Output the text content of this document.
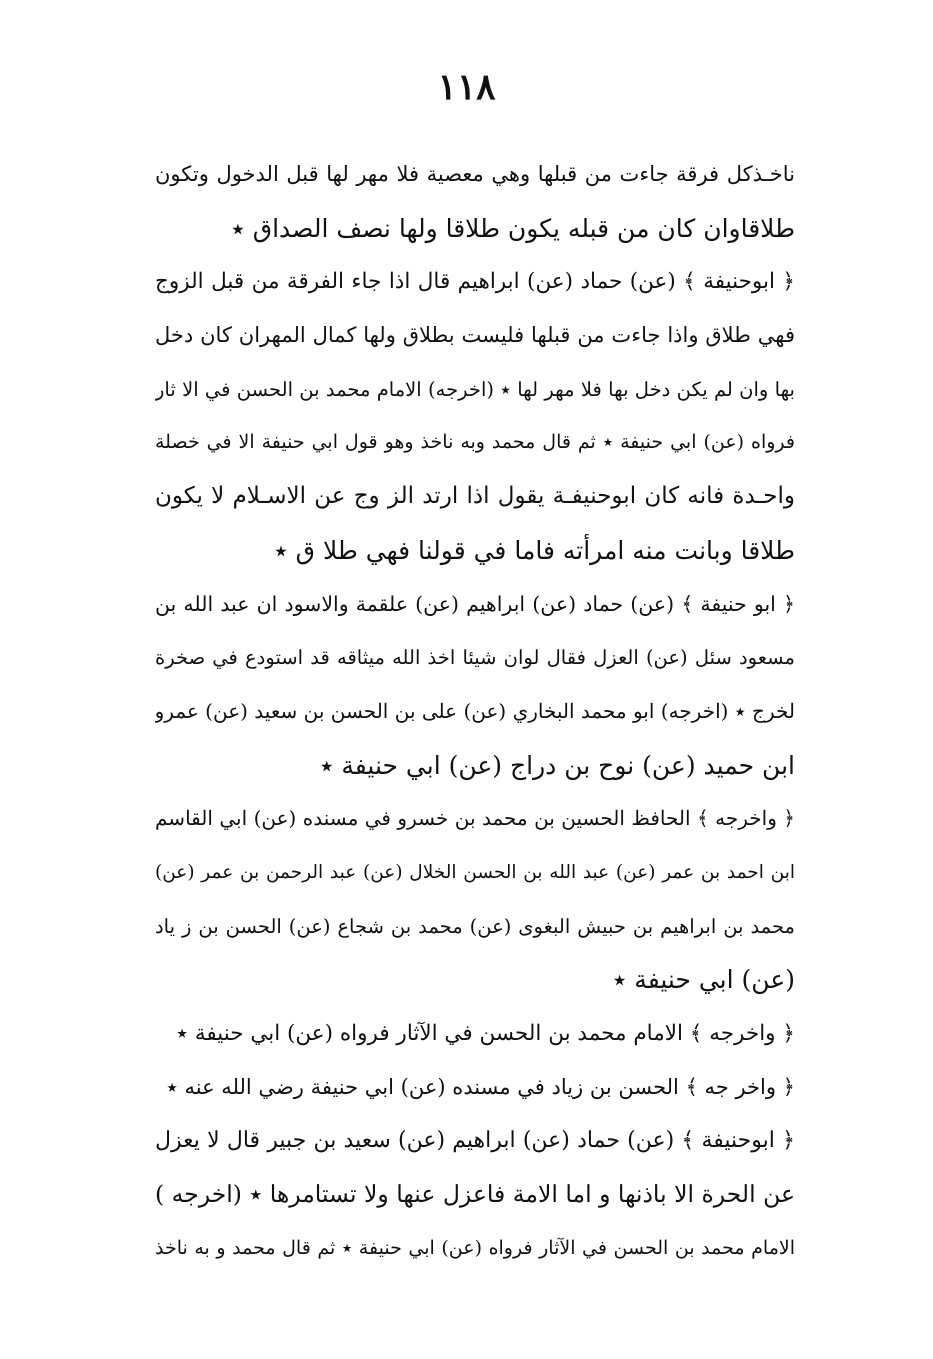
١١٨
ناخـذكل فرقة جاءت من قبلها وهي معصية فلا مهر لها قبل الدخول وتكون
طلاقاوان كان من قبله يكون طلاقا ولها نصف الصداق ٭
﴿ ابوحنيفة ﴾ (عن) حماد (عن) ابراهيم قال اذا جاء الفرقة من قبل الزوج
فهي طلاق واذا جاءت من قبلها فليست بطلاق ولها كمال المهران كان دخل
بها وان لم يكن دخل بها فلا مهر لها ٭ (اخرجه) الامام محمد بن الحسن في الا ثار
فرواه (عن) ابي حنيفة ٭ ثم قال محمد وبه ناخذ وهو قول ابي حنيفة الا في خصلة
واحـدة فانه كان ابوحنيفـة يقول اذا ارتد الز وج عن الاسـلام لا يكون
طلاقا وبانت منه امرأته فاما في قولنا فهي طلا ق ٭
﴿ ابو حنيفة ﴾ (عن) حماد (عن) ابراهيم (عن) علقمة والاسود ان عبد الله بن
مسعود سئل (عن) العزل فقال لوان شيئا اخذ الله ميثاقه قد استودع في صخرة
لخرج ٭ (اخرجه) ابو محمد البخاري (عن) على بن الحسن بن سعيد (عن) عمرو
ابن حميد (عن) نوح بن دراج (عن) ابي حنيفة ٭
﴿ واخرجه ﴾ الحافظ الحسين بن محمد بن خسرو في مسنده (عن) ابي القاسم
ابن احمد بن عمر (عن) عبد الله بن الحسن الخلال (عن) عبد الرحمن بن عمر (عن)
محمد بن ابراهيم بن حبيش البغوى (عن) محمد بن شجاع (عن) الحسن بن ز ياد
(عن) ابي حنيفة ٭
﴿ واخرجه ﴾ الامام محمد بن الحسن في الآثار فرواه (عن) ابي حنيفة ٭
﴿ واخر جه ﴾ الحسن بن زياد في مسنده (عن) ابي حنيفة رضي الله عنه ٭
﴿ ابوحنيفة ﴾ (عن) حماد (عن) ابراهيم (عن) سعيد بن جبير قال لا يعزل
عن الحرة الا باذنها و اما الامة فاعزل عنها ولا تستامرها ٭ (اخرجه )
الامام محمد بن الحسن في الآثار فرواه (عن) ابي حنيفة ٭ ثم قال محمد و به ناخذ
